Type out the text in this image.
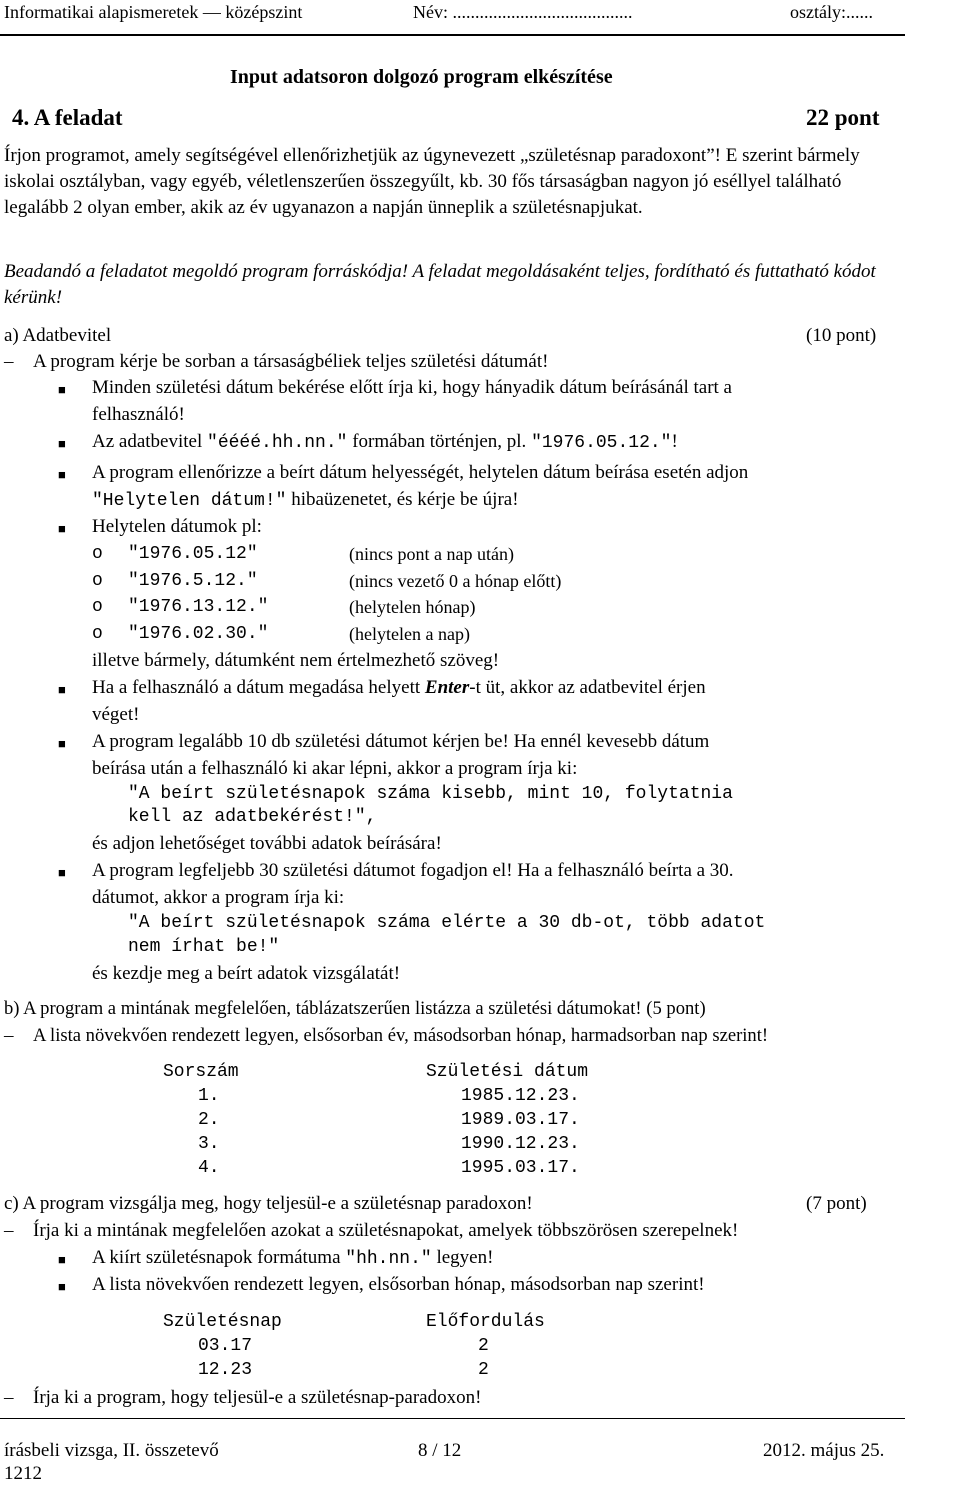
Informatikai alapismeretek — középszint	Név: ........................................	osztály:......
Input adatsoron dolgozó program elkészítése
4. A feladat	22 pont
Írjon programot, amely segítségével ellenőrizhetjük az úgynevezett „születésnap paradoxont”! E szerint bármely iskolai osztályban, vagy egyéb, véletlenszerűen összegyűlt, kb. 30 fős társaságban nagyon jó eséllyel található legalább 2 olyan ember, akik az év ugyanazon a napján ünneplik a születésnapjukat.
Beadandó a feladatot megoldó program forráskódja! A feladat megoldásaként teljes, fordítható és futtatható kódot kérünk!
a) Adatbevitel	(10 pont)
– A program kérje be sorban a társaságbéliek teljes születési dátumát!
■ Minden születési dátum bekérése előtt írja ki, hogy hányadik dátum beírásánál tart a
felhasználó!
■ Az adatbevitel "éééé.hh.nn." formában történjen, pl. "1976.05.12."!
■ A program ellenőrizze a beírt dátum helyességét, helytelen dátum beírása esetén adjon
"Helytelen dátum!" hibaüzenetet, és kérje be újra!
■ Helytelen dátumok pl:
o "1976.05.12"	(nincs pont a nap után)
o "1976.5.12."	(nincs vezető 0 a hónap előtt)
o "1976.13.12."	(helytelen hónap)
o "1976.02.30."	(helytelen a nap)
illetve bármely, dátumként nem értelmezhető szöveg!
■ Ha a felhasználó a dátum megadása helyett Enter-t üt, akkor az adatbevitel érjen
véget!
■ A program legalább 10 db születési dátumot kérjen be! Ha ennél kevesebb dátum
beírása után a felhasználó ki akar lépni, akkor a program írja ki:
"A beírt születésnapok száma kisebb, mint 10, folytatnia
kell az adatbekérést!",
és adjon lehetőséget további adatok beírására!
■ A program legfeljebb 30 születési dátumot fogadjon el! Ha a felhasználó beírta a 30.
dátumot, akkor a program írja ki:
"A beírt születésnapok száma elérte a 30 db-ot, több adatot
nem írhat be!"
és kezdje meg a beírt adatok vizsgálatát!
b) A program a mintának megfelelően, táblázatszerűen listázza a születési dátumokat! (5 pont)
– A lista növekvően rendezett legyen, elsősorban év, másodsorban hónap, harmadsorban nap szerint!
Sorszám	Születési dátum
1.	1985.12.23.
2.	1989.03.17.
3.	1990.12.23.
4.	1995.03.17.
c) A program vizsgálja meg, hogy teljesül-e a születésnap paradoxon!	(7 pont)
– Írja ki a mintának megfelelően azokat a születésnapokat, amelyek többszörösen szerepelnek!
■ A kiírt születésnapok formátuma "hh.nn." legyen!
■ A lista növekvően rendezett legyen, elsősorban hónap, másodsorban nap szerint!
Születésnap	Előfordulás
03.17	2
12.23	2
– Írja ki a program, hogy teljesül-e a születésnap-paradoxon!
írásbeli vizsga, II. összetevő	8 / 12	2012. május 25.
1212
